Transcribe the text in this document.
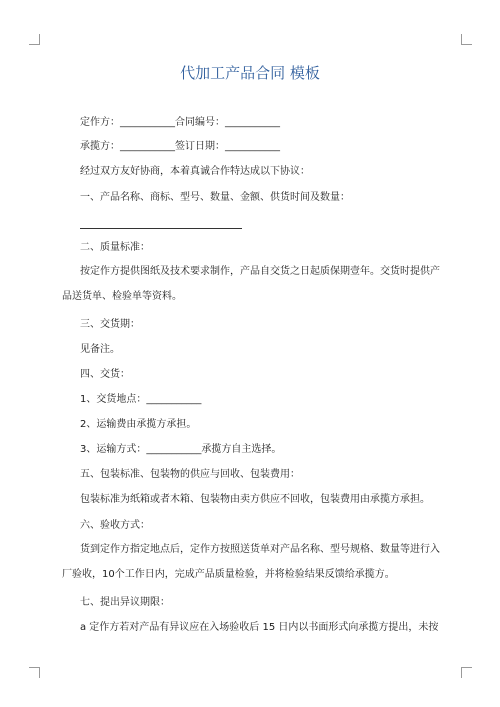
代加工产品合同 模板
定作方：___________合同编号：___________
承揽方：___________签订日期：___________
经过双方友好协商，本着真诚合作特达成以下协议：
一、产品名称、商标、型号、数量、金额、供货时间及数量：
二、质量标准：
按定作方提供图纸及技术要求制作，产品自交货之日起质保期壹年。交货时提供产品送货单、检验单等资料。
三、交货期：
见备注。
四、交货：
1、交货地点：___________
2、运输费由承揽方承担。
3、运输方式：___________承揽方自主选择。
五、包装标准、包装物的供应与回收、包装费用：
包装标准为纸箱或者木箱、包装物由卖方供应不回收，包装费用由承揽方承担。
六、验收方式：
货到定作方指定地点后，定作方按照送货单对产品名称、型号规格、数量等进行入厂验收，10个工作日内，完成产品质量检验，并将检验结果反馈给承揽方。
七、提出异议期限：
a 定作方若对产品有异议应在入场验收后 15 日内以书面形式向承揽方提出，未按
